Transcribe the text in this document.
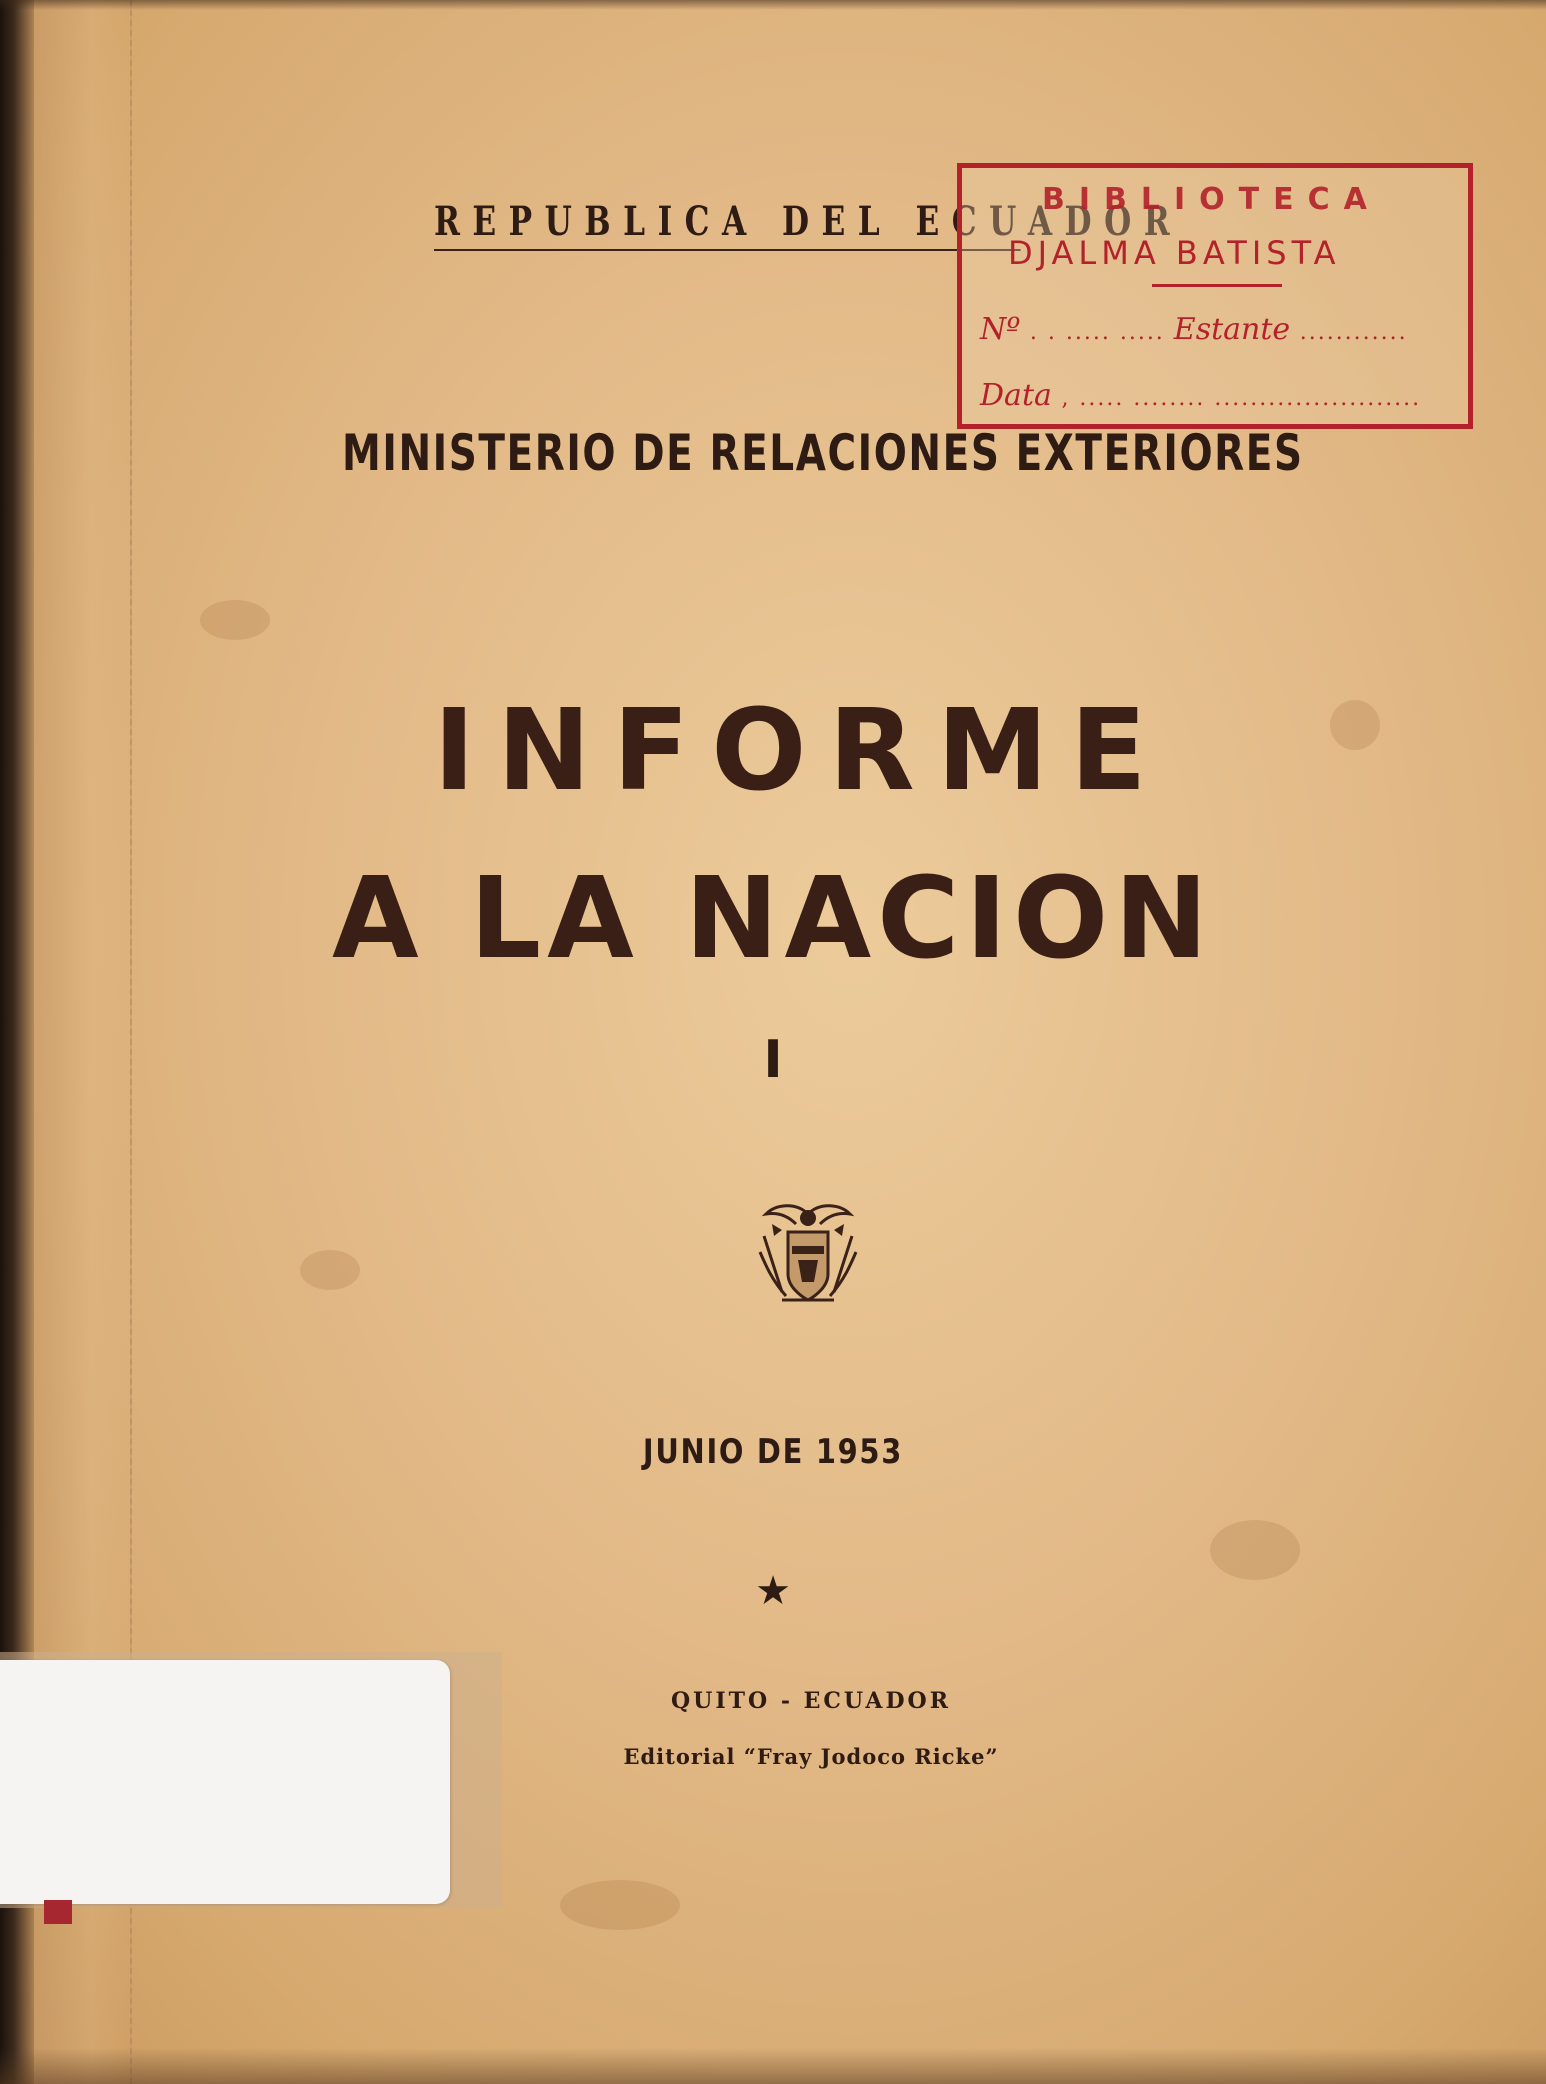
REPUBLICA DEL ECUADOR
BIBLIOTECA
DJALMA BATISTA
Nº . . ..... ..... Estante ............
Data , ..... ........ .......................
MINISTERIO DE RELACIONES EXTERIORES
INFORME
A LA NACION
I
JUNIO DE 1953
★
QUITO - ECUADOR
Editorial “Fray Jodoco Ricke”
